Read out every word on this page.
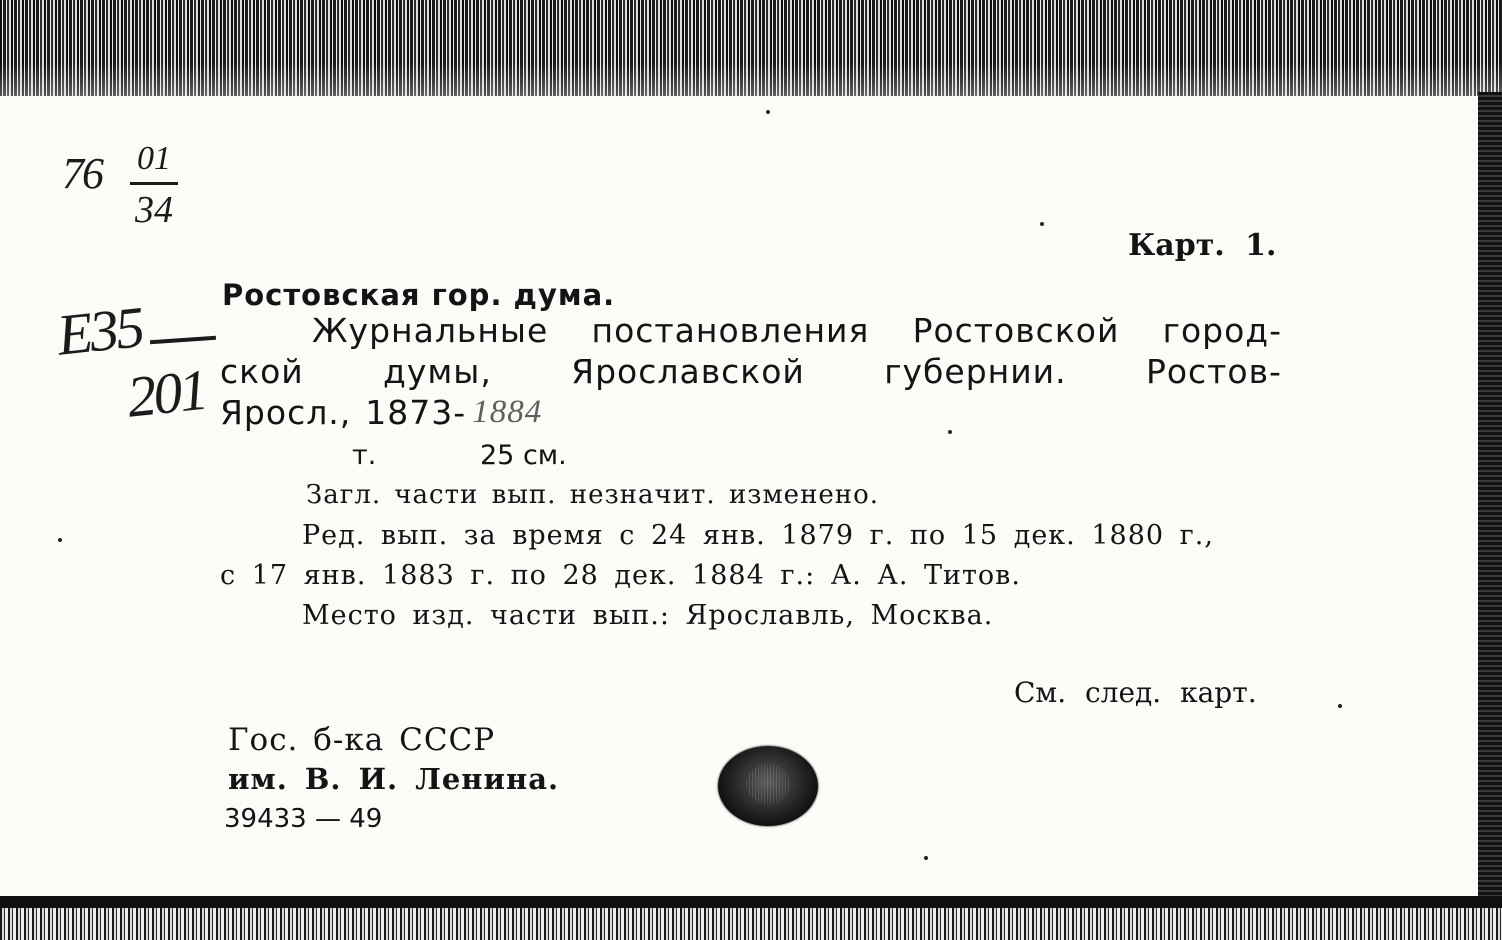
76 01
34
E35
201
Карт. 1.
Ростовская гор. дума.
Журнальные постановления Ростовской город-
ской думы, Ярославской губернии. Ростов-
Яросл., 1873- 1884
т.	25 см.
Загл. части вып. незначит. изменено.
Ред. вып. за время с 24 янв. 1879 г. по 15 дек. 1880 г.,
с 17 янв. 1883 г. по 28 дек. 1884 г.: А. А. Титов.
Место изд. части вып.: Ярославль, Москва.
См. след. карт.
Гос. б-ка СССР
им. В. И. Ленина.
39433 — 49
